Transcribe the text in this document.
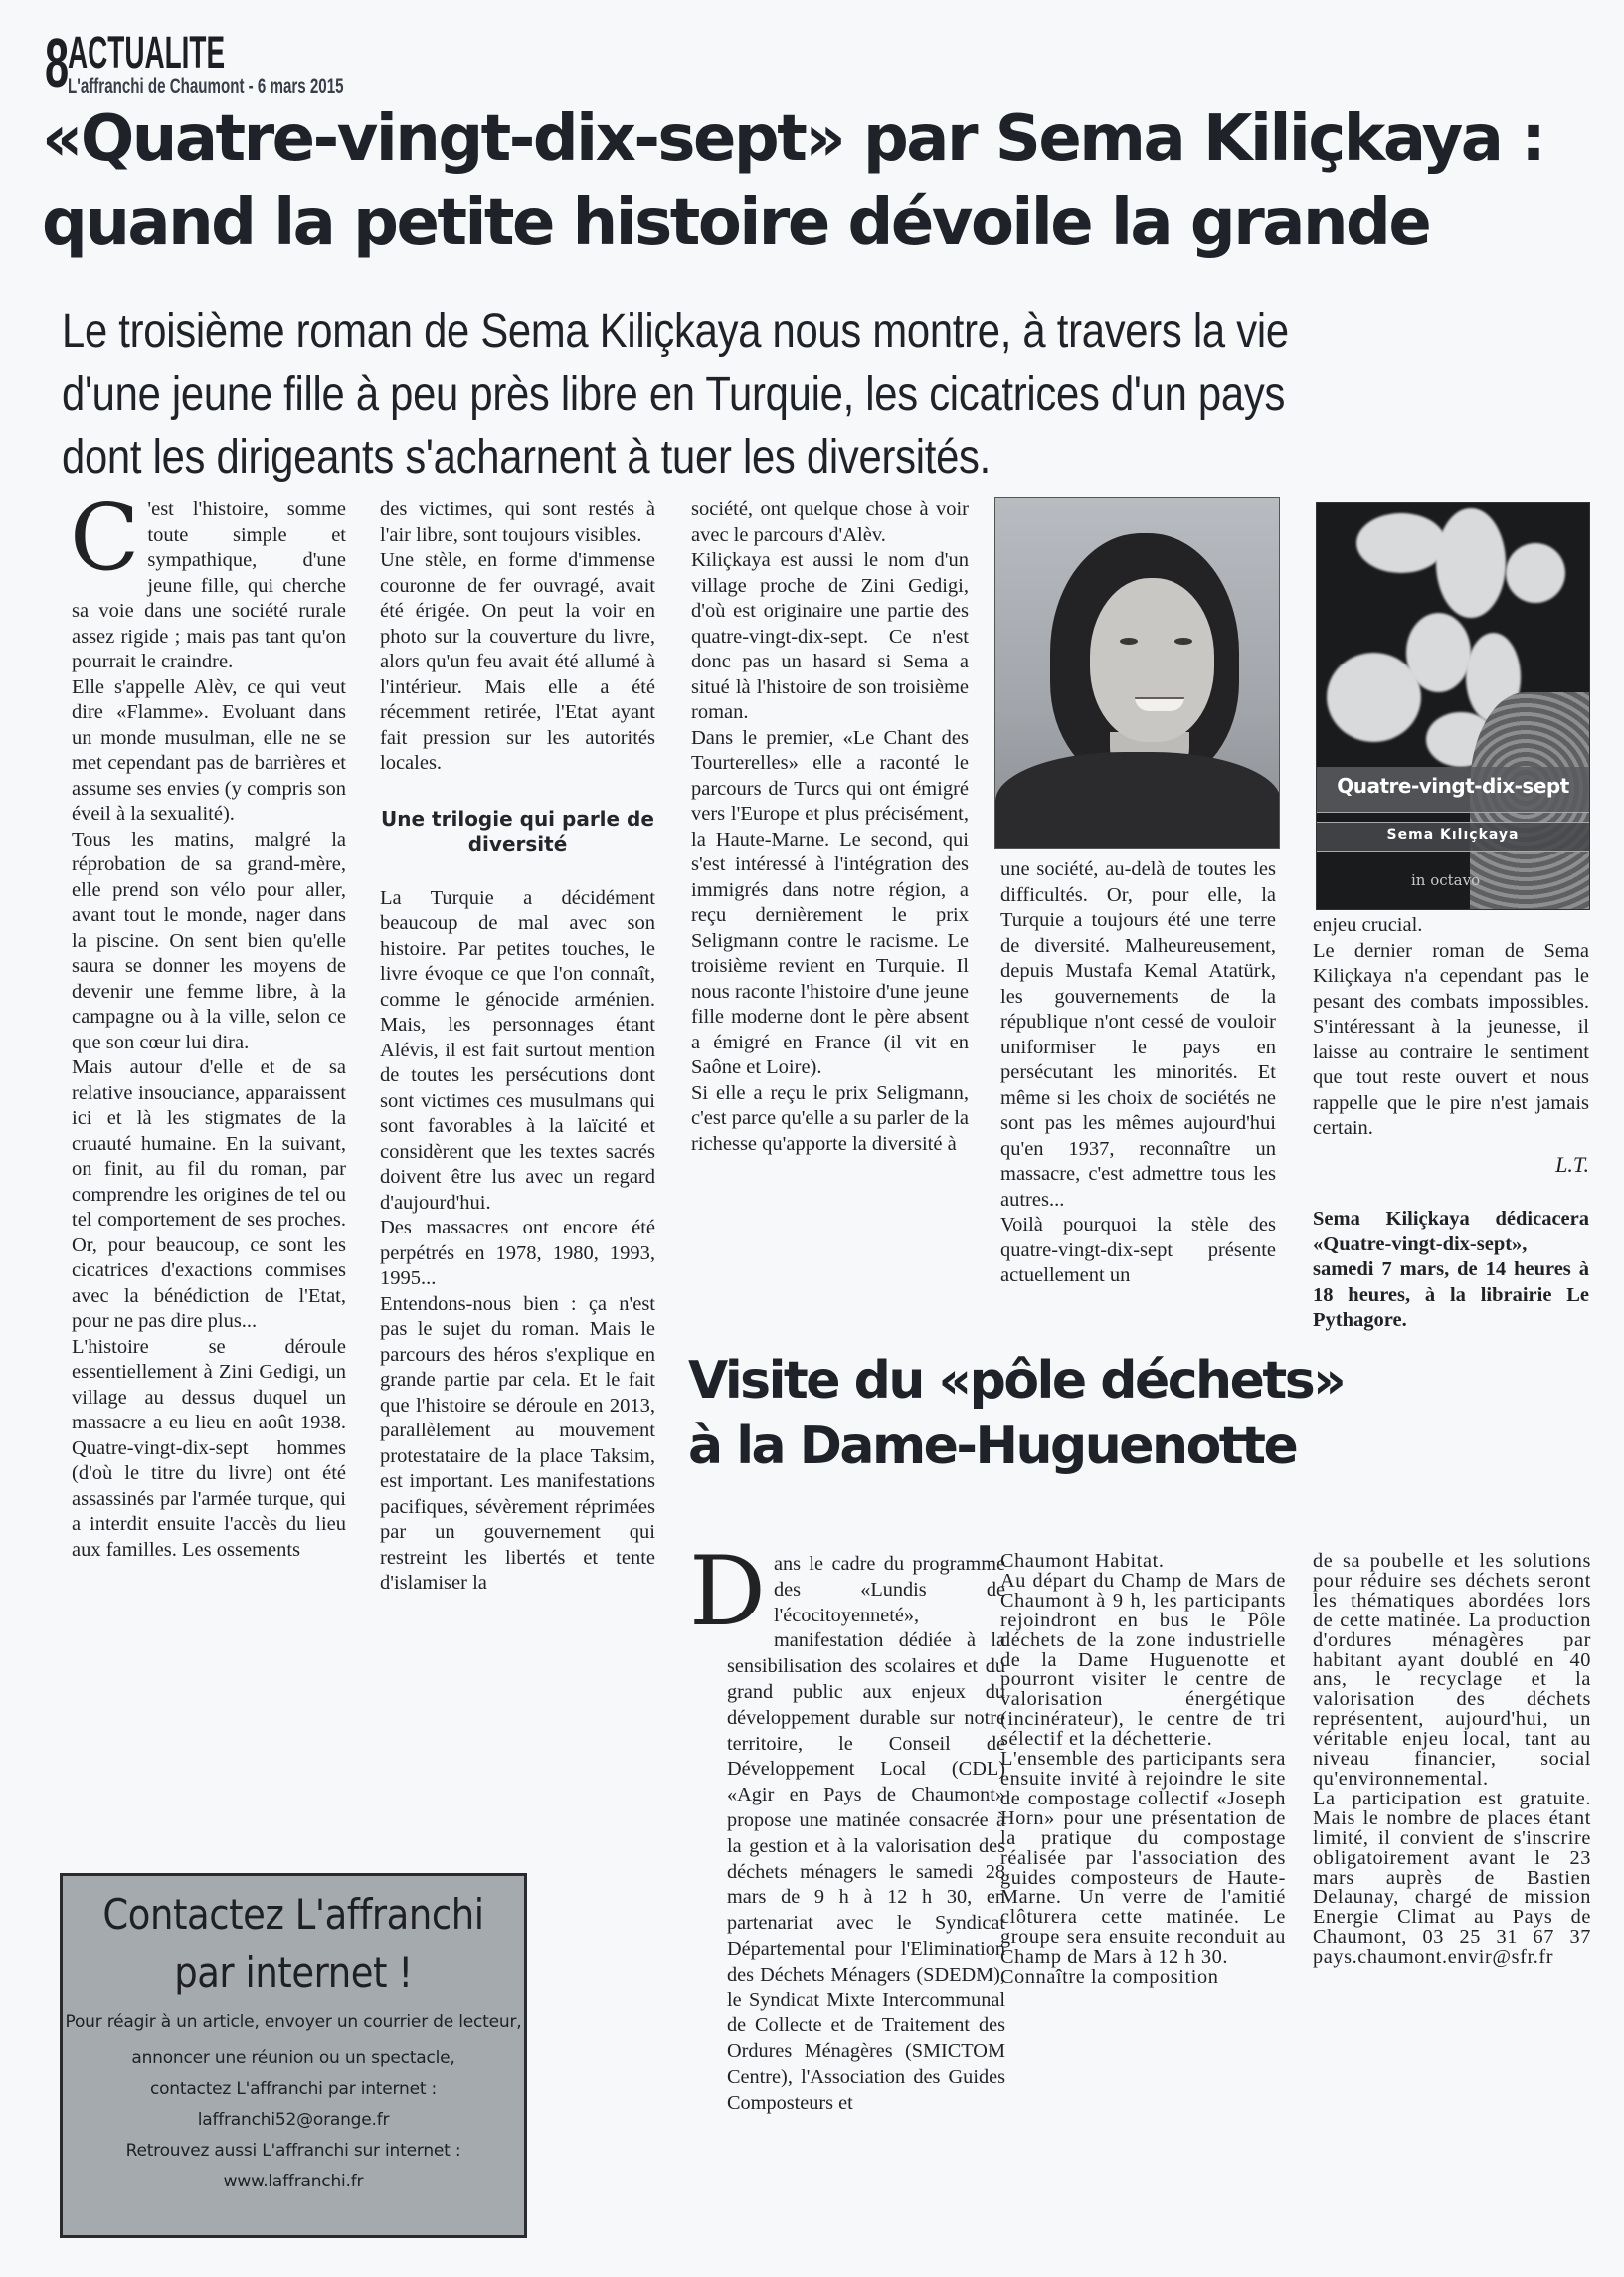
8
ACTUALITE
L'affranchi de Chaumont - 6 mars 2015
«Quatre-vingt-dix-sept» par Sema Kiliçkaya :
quand la petite histoire dévoile la grande
Le troisième roman de Sema Kiliçkaya nous montre, à travers la vie
d'une jeune fille à peu près libre en Turquie, les cicatrices d'un pays
dont les dirigeants s'acharnent à tuer les diversités.
C 'est l'histoire, somme toute simple et sympathique, d'une jeune fille, qui cherche sa voie dans une société rurale assez rigide ; mais pas tant qu'on pourrait le craindre.

Elle s'appelle Alèv, ce qui veut dire «Flamme». Evoluant dans un monde musulman, elle ne se met cependant pas de barrières et assume ses envies (y compris son éveil à la sexualité).

Tous les matins, malgré la réprobation de sa grand-mère, elle prend son vélo pour aller, avant tout le monde, nager dans la piscine. On sent bien qu'elle saura se donner les moyens de devenir une femme libre, à la campagne ou à la ville, selon ce que son cœur lui dira.

Mais autour d'elle et de sa relative insouciance, apparaissent ici et là les stigmates de la cruauté humaine. En la suivant, on finit, au fil du roman, par comprendre les origines de tel ou tel comportement de ses proches. Or, pour beaucoup, ce sont les cicatrices d'exactions commises avec la bénédiction de l'Etat, pour ne pas dire plus...

L'histoire se déroule essentiellement à Zini Gedigi, un village au dessus duquel un massacre a eu lieu en août 1938. Quatre-vingt-dix-sept hommes (d'où le titre du livre) ont été assassinés par l'armée turque, qui a interdit ensuite l'accès du lieu aux familles. Les ossements

des victimes, qui sont restés à l'air libre, sont toujours visibles.

Une stèle, en forme d'immense couronne de fer ouvragé, avait été érigée. On peut la voir en photo sur la couverture du livre, alors qu'un feu avait été allumé à l'intérieur. Mais elle a été récemment retirée, l'Etat ayant fait pression sur les autorités locales.

Une trilogie qui parle de diversité

La Turquie a décidément beaucoup de mal avec son histoire. Par petites touches, le livre évoque ce que l'on connaît, comme le génocide arménien. Mais, les personnages étant Alévis, il est fait surtout mention de toutes les persécutions dont sont victimes ces musulmans qui sont favorables à la laïcité et considèrent que les textes sacrés doivent être lus avec un regard d'aujourd'hui.

Des massacres ont encore été perpétrés en 1978, 1980, 1993, 1995...

Entendons-nous bien : ça n'est pas le sujet du roman. Mais le parcours des héros s'explique en grande partie par cela. Et le fait que l'histoire se déroule en 2013, parallèlement au mouvement protestataire de la place Taksim, est important. Les manifestations pacifiques, sévèrement réprimées par un gouvernement qui restreint les libertés et tente d'islamiser la

société, ont quelque chose à voir avec le parcours d'Alèv.

Kiliçkaya est aussi le nom d'un village proche de Zini Gedigi, d'où est originaire une partie des quatre-vingt-dix-sept. Ce n'est donc pas un hasard si Sema a situé là l'histoire de son troisième roman.

Dans le premier, «Le Chant des Tourterelles» elle a raconté le parcours de Turcs qui ont émigré vers l'Europe et plus précisément, la Haute-Marne. Le second, qui s'est intéressé à l'intégration des immigrés dans notre région, a reçu dernièrement le prix Seligmann contre le racisme. Le troisième revient en Turquie. Il nous raconte l'histoire d'une jeune fille moderne dont le père absent a émigré en France (il vit en Saône et Loire).

Si elle a reçu le prix Seligmann, c'est parce qu'elle a su parler de la richesse qu'apporte la diversité à

Quatre-vingt-dix-sept
Sema Kılıçkaya
in octavo

une société, au-delà de toutes les difficultés. Or, pour elle, la Turquie a toujours été une terre de diversité. Malheureusement, depuis Mustafa Kemal Atatürk, les gouvernements de la république n'ont cessé de vouloir uniformiser le pays en persécutant les minorités. Et même si les choix de sociétés ne sont pas les mêmes aujourd'hui qu'en 1937, reconnaître un massacre, c'est admettre tous les autres...

Voilà pourquoi la stèle des quatre-vingt-dix-sept présente actuellement un

enjeu crucial.

Le dernier roman de Sema Kiliçkaya n'a cependant pas le pesant des combats impossibles. S'intéressant à la jeunesse, il laisse au contraire le sentiment que tout reste ouvert et nous rappelle que le pire n'est jamais certain.

L.T.

Sema Kiliçkaya dédicacera «Quatre-vingt-dix-sept», samedi 7 mars, de 14 heures à 18 heures, à la librairie Le Pythagore.

Visite du «pôle déchets»
à la Dame-Huguenotte
D ans le cadre du programme des «Lundis de l'écocitoyenneté», manifestation dédiée à la sensibilisation des scolaires et du grand public aux enjeux du développement durable sur notre territoire, le Conseil de Développement Local (CDL) «Agir en Pays de Chaumont» propose une matinée consacrée à la gestion et à la valorisation des déchets ménagers le samedi 28 mars de 9 h à 12 h 30, en partenariat avec le Syndicat Départemental pour l'Elimination des Déchets Ménagers (SDEDM), le Syndicat Mixte Intercommunal de Collecte et de Traitement des Ordures Ménagères (SMICTOM Centre), l'Association des Guides Composteurs et

Chaumont Habitat.

Au départ du Champ de Mars de Chaumont à 9 h, les participants rejoindront en bus le Pôle déchets de la zone industrielle de la Dame Huguenotte et pourront visiter le centre de valorisation énergétique (incinérateur), le centre de tri sélectif et la déchetterie.

L'ensemble des participants sera ensuite invité à rejoindre le site de compostage collectif «Joseph Horn» pour une présentation de la pratique du compostage réalisée par l'association des guides composteurs de Haute-Marne. Un verre de l'amitié clôturera cette matinée. Le groupe sera ensuite reconduit au Champ de Mars à 12 h 30.

Connaître la composition

de sa poubelle et les solutions pour réduire ses déchets seront les thématiques abordées lors de cette matinée. La production d'ordures ménagères par habitant ayant doublé en 40 ans, le recyclage et la valorisation des déchets représentent, aujourd'hui, un véritable enjeu local, tant au niveau financier, social qu'environnemental.

La participation est gratuite. Mais le nombre de places étant limité, il convient de s'inscrire obligatoirement avant le 23 mars auprès de Bastien Delaunay, chargé de mission Energie Climat au Pays de Chaumont, 03 25 31 67 37 pays.chaumont.envir@sfr.fr

Contactez L'affranchi
par internet !
Pour réagir à un article, envoyer un courrier de lecteur,
annoncer une réunion ou un spectacle,
contactez L'affranchi par internet :
laffranchi52@orange.fr
Retrouvez aussi L'affranchi sur internet :
www.laffranchi.fr
